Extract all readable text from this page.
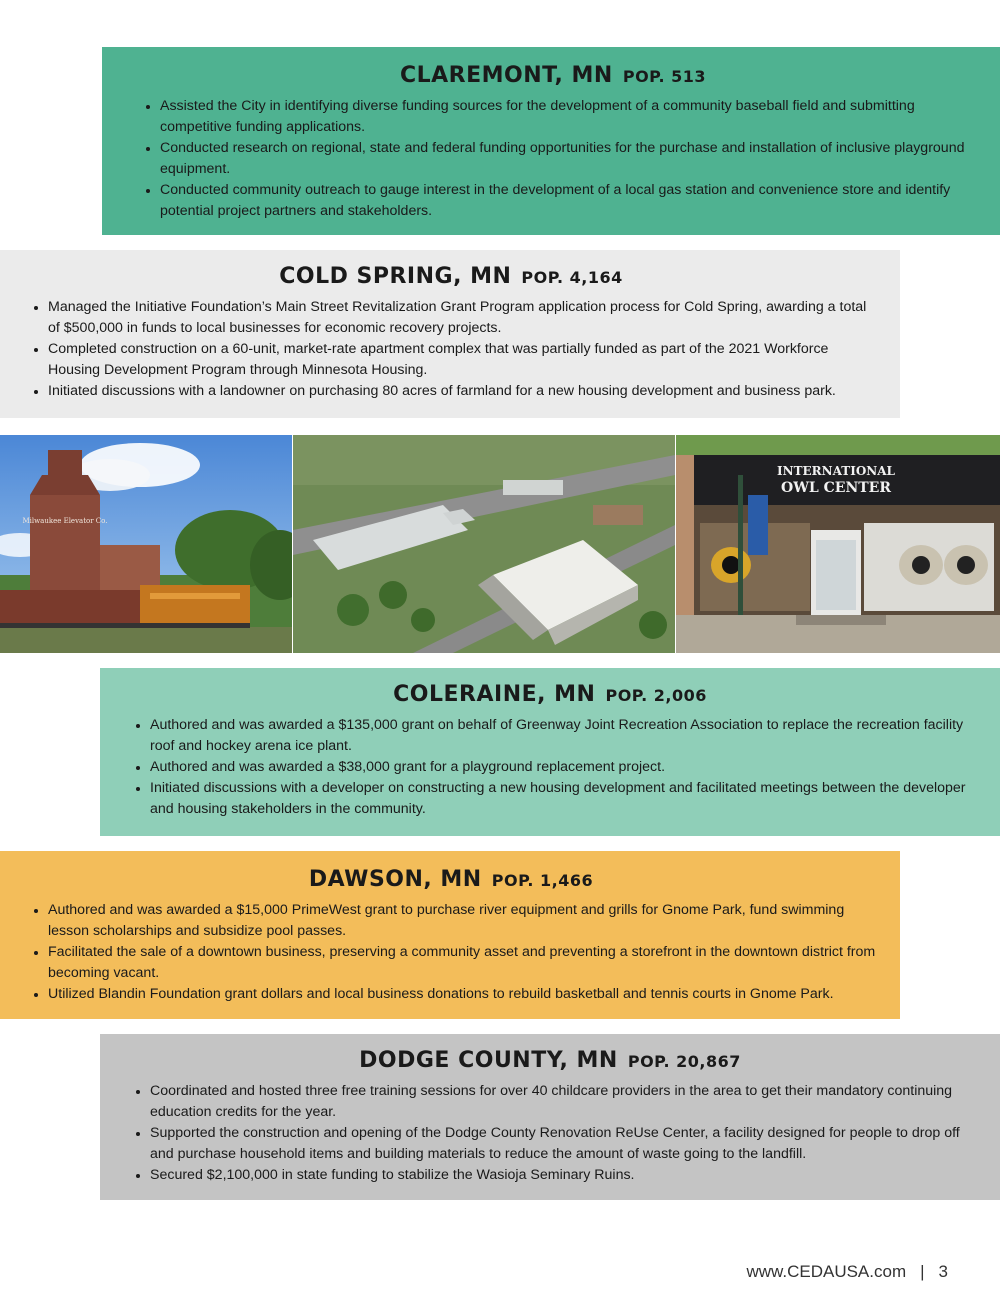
CLAREMONT, MN POP. 513
• Assisted the City in identifying diverse funding sources for the development of a community baseball field and submitting competitive funding applications.
• Conducted research on regional, state and federal funding opportunities for the purchase and installation of inclusive playground equipment.
• Conducted community outreach to gauge interest in the development of a local gas station and convenience store and identify potential project partners and stakeholders.
COLD SPRING, MN POP. 4,164
• Managed the Initiative Foundation’s Main Street Revitalization Grant Program application process for Cold Spring, awarding a total of $500,000 in funds to local businesses for economic recovery projects.
• Completed construction on a 60-unit, market-rate apartment complex that was partially funded as part of the 2021 Workforce Housing Development Program through Minnesota Housing.
• Initiated discussions with a landowner on purchasing 80 acres of farmland for a new housing development and business park.
Milwaukee Elevator Co.
INTERNATIONAL
OWL CENTER
COLERAINE, MN POP. 2,006
• Authored and was awarded a $135,000 grant on behalf of Greenway Joint Recreation Association to replace the recreation facility roof and hockey arena ice plant.
• Authored and was awarded a $38,000 grant for a playground replacement project.
• Initiated discussions with a developer on constructing a new housing development and facilitated meetings between the developer and housing stakeholders in the community.
DAWSON, MN POP. 1,466
• Authored and was awarded a $15,000 PrimeWest grant to purchase river equipment and grills for Gnome Park, fund swimming lesson scholarships and subsidize pool passes.
• Facilitated the sale of a downtown business, preserving a community asset and preventing a storefront in the downtown district from becoming vacant.
• Utilized Blandin Foundation grant dollars and local business donations to rebuild basketball and tennis courts in Gnome Park.
DODGE COUNTY, MN POP. 20,867
• Coordinated and hosted three free training sessions for over 40 childcare providers in the area to get their mandatory continuing education credits for the year.
• Supported the construction and opening of the Dodge County Renovation ReUse Center, a facility designed for people to drop off and purchase household items and building materials to reduce the amount of waste going to the landfill.
• Secured $2,100,000 in state funding to stabilize the Wasioja Seminary Ruins.
www.CEDAUSA.com | 3
